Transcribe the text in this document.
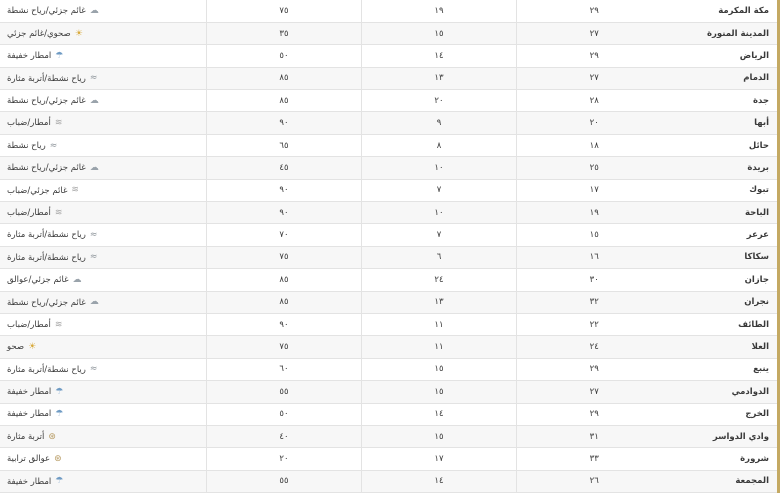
مكة المكرمة	٢٩	١٩	٧٥	غائم جزئي/رياح نشطة ☁

المدينة المنورة	٢٧	١٥	٣٥	صحوي/غائم جزئي ☀

الرياض	٢٩	١٤	٥٠	امطار خفيفة ☂

الدمام	٢٧	١٣	٨٥	رياح نشطة/أتربة مثارة ≈

جدة	٢٨	٢٠	٨٥	غائم جزئي/رياح نشطة ☁

أبها	٢٠	٩	٩٠	أمطار/ضباب ≋

حائل	١٨	٨	٦٥	رياح نشطة ≈

بريدة	٢٥	١٠	٤٥	غائم جزئي/رياح نشطة ☁

تبوك	١٧	٧	٩٠	غائم جزئي/ضباب ≋

الباحة	١٩	١٠	٩٠	أمطار/ضباب ≋

عرعر	١٥	٧	٧٠	رياح نشطة/أتربة مثارة ≈

سكاكا	١٦	٦	٧٥	رياح نشطة/أتربة مثارة ≈

جازان	٣٠	٢٤	٨٥	غائم جزئي/عوالق ☁

نجران	٣٢	١٣	٨٥	غائم جزئي/رياح نشطة ☁

الطائف	٢٢	١١	٩٠	أمطار/ضباب ≋

العلا	٢٤	١١	٧٥	صحو ☀

ينبع	٢٩	١٥	٦٠	رياح نشطة/أتربة مثارة ≈

الدوادمي	٢٧	١٥	٥٥	امطار خفيفة ☂

الخرج	٢٩	١٤	٥٠	امطار خفيفة ☂

وادي الدواسر	٣١	١٥	٤٠	أتربة مثارة ⊛

شرورة	٣٣	١٧	٢٠	عوالق ترابية ⊛

المجمعة	٢٦	١٤	٥٥	امطار خفيفة ☂
